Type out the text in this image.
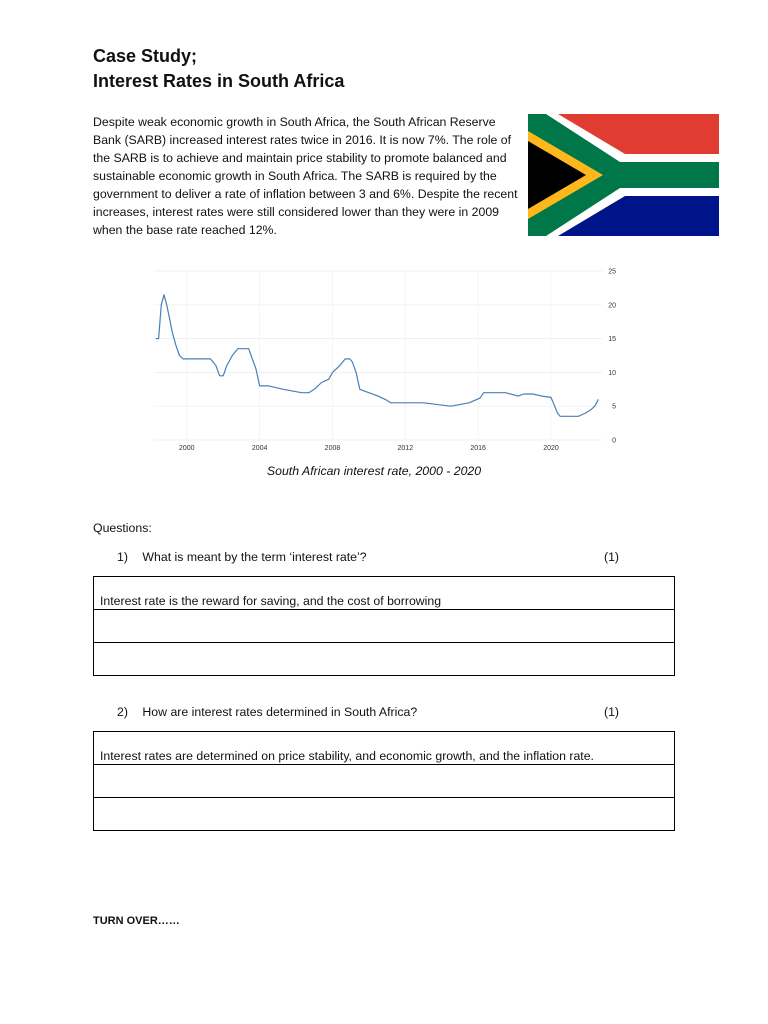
Case Study;
Interest Rates in South Africa
Despite weak economic growth in South Africa, the South African Reserve Bank (SARB) increased interest rates twice in 2016. It is now 7%. The role of the SARB is to achieve and maintain price stability to promote balanced and sustainable economic growth in South Africa. The SARB is required by the government to deliver a rate of inflation between 3 and 6%. Despite the recent increases, interest rates were still considered lower than they were in 2009 when the base rate reached 12%.
0
5
10
15
20
25
2000	2004	2008	2012	2016	2020
South African interest rate, 2000 - 2020
Questions:
1) What is meant by the term ‘interest rate’?	(1)
Interest rate is the reward for saving, and the cost of borrowing
2) How are interest rates determined in South Africa?	(1)
Interest rates are determined on price stability, and economic growth, and the inflation rate.
TURN OVER……
